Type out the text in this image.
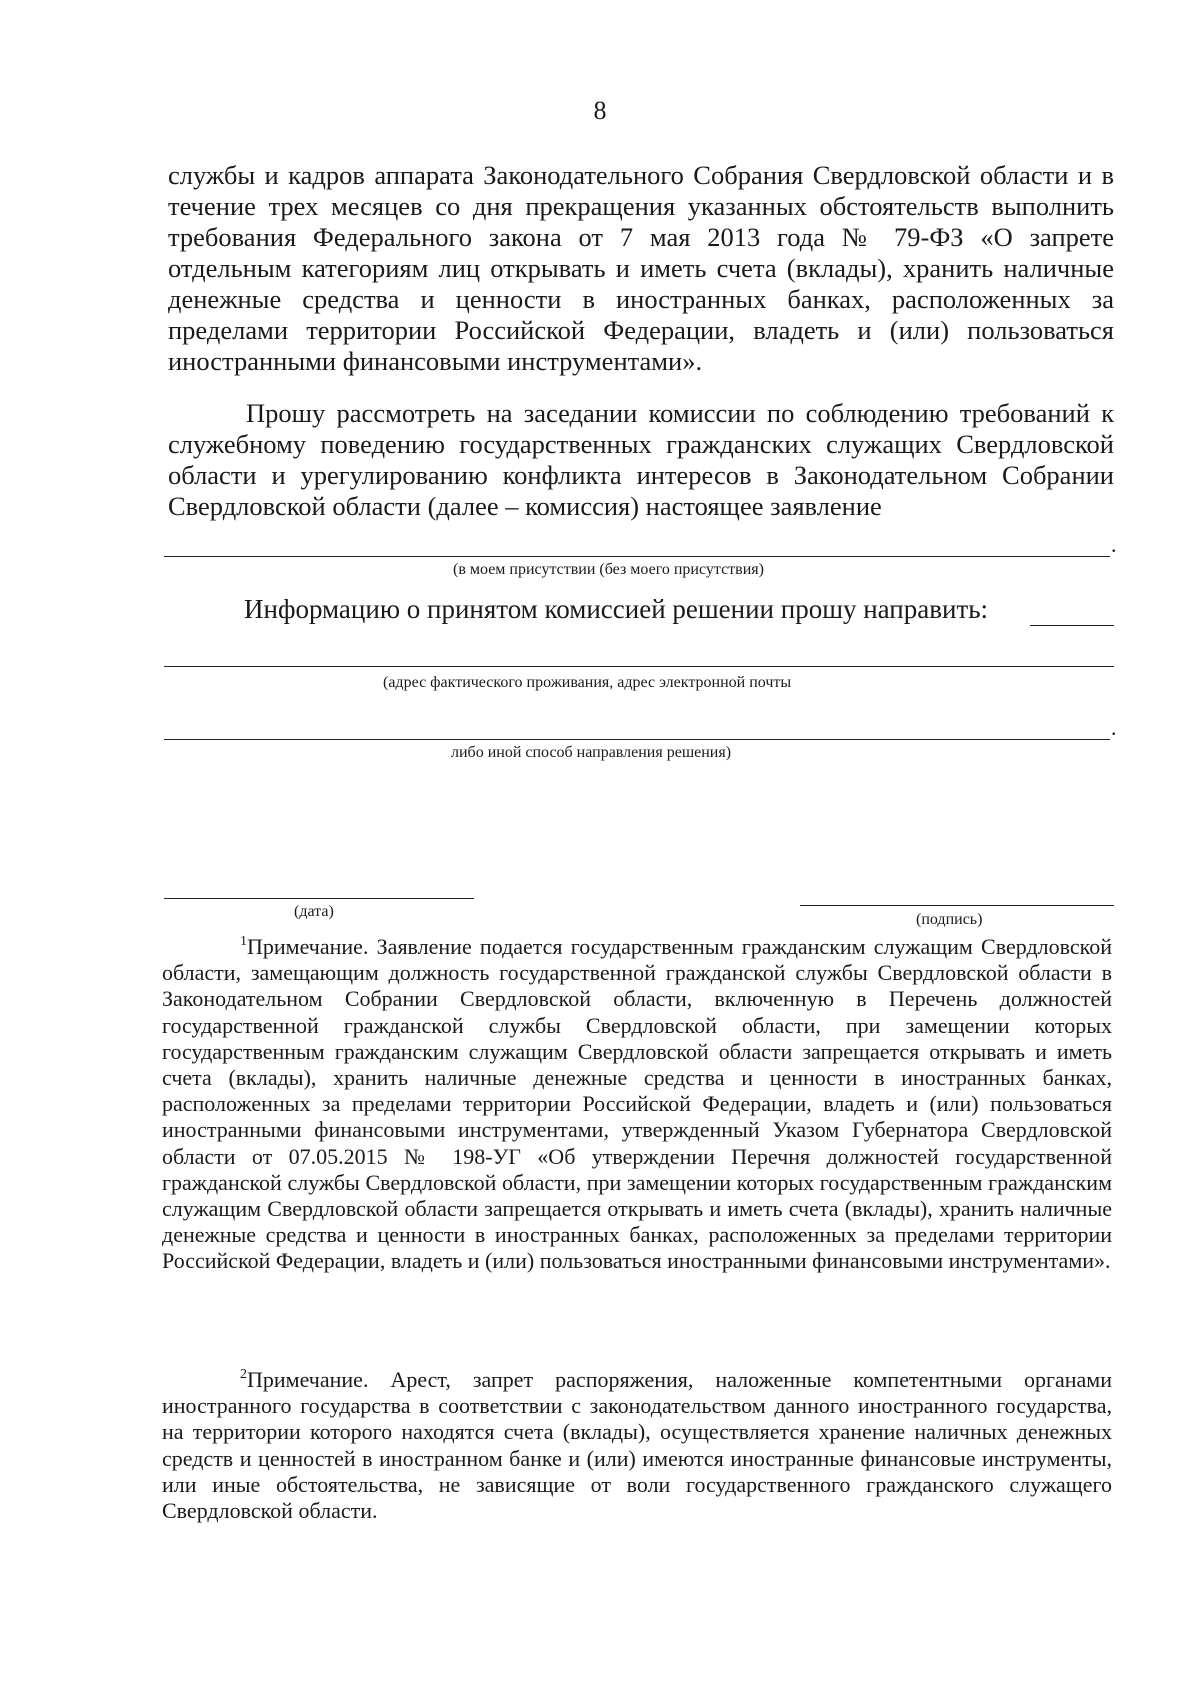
8

службы и кадров аппарата Законодательного Собрания Свердловской области и в течение трех месяцев со дня прекращения указанных обстоятельств выполнить требования Федерального закона от 7 мая 2013 года № 79-ФЗ «О запрете отдельным категориям лиц открывать и иметь счета (вклады), хранить наличные денежные средства и ценности в иностранных банках, расположенных за пределами территории Российской Федерации, владеть и (или) пользоваться иностранными финансовыми инструментами».

Прошу рассмотреть на заседании комиссии по соблюдению требований к служебному поведению государственных гражданских служащих Свердловской области и урегулированию конфликта интересов в Законодательном Собрании Свердловской области (далее – комиссия) настоящее заявление

.
(в моем присутствии (без моего присутствия)
Информацию о принятом комиссией решении прошу направить:
(адрес фактического проживания, адрес электронной почты
.
либо иной способ направления решения)
(дата)	(подпись)

$^1$Примечание. Заявление подается государственным гражданским служащим Свердловской области, замещающим должность государственной гражданской службы Свердловской области в Законодательном Собрании Свердловской области, включенную в Перечень должностей государственной гражданской службы Свердловской области, при замещении которых государственным гражданским служащим Свердловской области запрещается открывать и иметь счета (вклады), хранить наличные денежные средства и ценности в иностранных банках, расположенных за пределами территории Российской Федерации, владеть и (или) пользоваться иностранными финансовыми инструментами, утвержденный Указом Губернатора Свердловской области от 07.05.2015 № 198-УГ «Об утверждении Перечня должностей государственной гражданской службы Свердловской области, при замещении которых государственным гражданским служащим Свердловской области запрещается открывать и иметь счета (вклады), хранить наличные денежные средства и ценности в иностранных банках, расположенных за пределами территории Российской Федерации, владеть и (или) пользоваться иностранными финансовыми инструментами».

$^2$Примечание. Арест, запрет распоряжения, наложенные компетентными органами иностранного государства в соответствии с законодательством данного иностранного государства, на территории которого находятся счета (вклады), осуществляется хранение наличных денежных средств и ценностей в иностранном банке и (или) имеются иностранные финансовые инструменты, или иные обстоятельства, не зависящие от воли государственного гражданского служащего Свердловской области.
